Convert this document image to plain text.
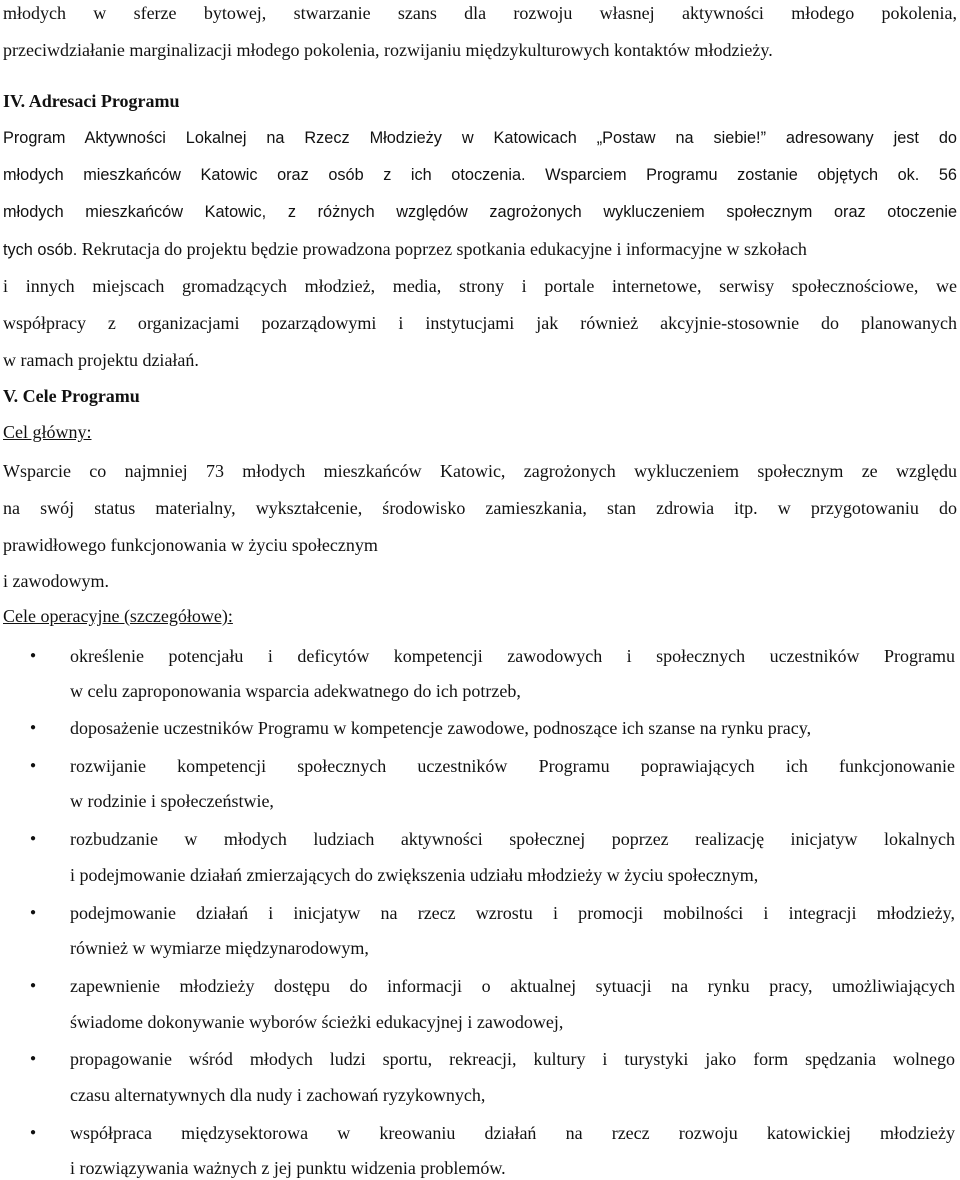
młodych w sferze bytowej, stwarzanie szans dla rozwoju własnej aktywności młodego pokolenia,
przeciwdziałanie marginalizacji młodego pokolenia, rozwijaniu międzykulturowych kontaktów młodzieży.
IV. Adresaci Programu
Program Aktywności Lokalnej na Rzecz Młodzieży w Katowicach „Postaw na siebie!” adresowany jest do
młodych mieszkańców Katowic oraz osób z ich otoczenia. Wsparciem Programu zostanie objętych ok. 56
młodych mieszkańców Katowic, z różnych względów zagrożonych wykluczeniem społecznym oraz otoczenie
tych osób. Rekrutacja do projektu będzie prowadzona poprzez spotkania edukacyjne i informacyjne w szkołach
i innych miejscach gromadzących młodzież, media, strony i portale internetowe, serwisy społecznościowe, we
współpracy z organizacjami pozarządowymi i instytucjami jak również akcyjnie-stosownie do planowanych
w ramach projektu działań.
V. Cele Programu
Cel główny:
Wsparcie co najmniej 73 młodych mieszkańców Katowic, zagrożonych wykluczeniem społecznym ze względu
na swój status materialny, wykształcenie, środowisko zamieszkania, stan zdrowia itp. w przygotowaniu do
prawidłowego funkcjonowania w życiu społecznym
i zawodowym.
Cele operacyjne (szczegółowe):
● określenie potencjału i deficytów kompetencji zawodowych i społecznych uczestników Programu
w celu zaproponowania wsparcia adekwatnego do ich potrzeb,
● doposażenie uczestników Programu w kompetencje zawodowe, podnoszące ich szanse na rynku pracy,
● rozwijanie kompetencji społecznych uczestników Programu poprawiających ich funkcjonowanie
w rodzinie i społeczeństwie,
● rozbudzanie w młodych ludziach aktywności społecznej poprzez realizację inicjatyw lokalnych
i podejmowanie działań zmierzających do zwiększenia udziału młodzieży w życiu społecznym,
● podejmowanie działań i inicjatyw na rzecz wzrostu i promocji mobilności i integracji młodzieży,
również w wymiarze międzynarodowym,
● zapewnienie młodzieży dostępu do informacji o aktualnej sytuacji na rynku pracy, umożliwiających
świadome dokonywanie wyborów ścieżki edukacyjnej i zawodowej,
● propagowanie wśród młodych ludzi sportu, rekreacji, kultury i turystyki jako form spędzania wolnego
czasu alternatywnych dla nudy i zachowań ryzykownych,
● współpraca międzysektorowa w kreowaniu działań na rzecz rozwoju katowickiej młodzieży
i rozwiązywania ważnych z jej punktu widzenia problemów.
